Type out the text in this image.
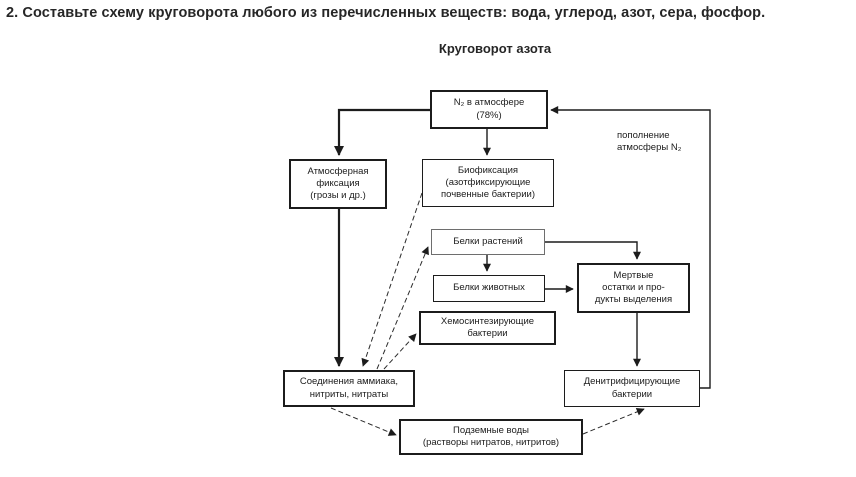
2. Составьте схему круговорота любого из перечисленных веществ: вода, углерод, азот, сера, фосфор.
Круговорот азота
N₂ в атмосфере
(78%)
Атмосферная
фиксация
(грозы и др.)
Биофиксация
(азотфиксирующие
почвенные бактерии)
Белки растений
Белки животных
Мертвые
остатки и про-
дукты выделения
Хемосинтезирующие
бактерии
Соединения аммиака,
нитриты, нитраты
Денитрифицирующие
бактерии
Подземные воды
(растворы нитратов, нитритов)
пополнение
атмосферы N₂
